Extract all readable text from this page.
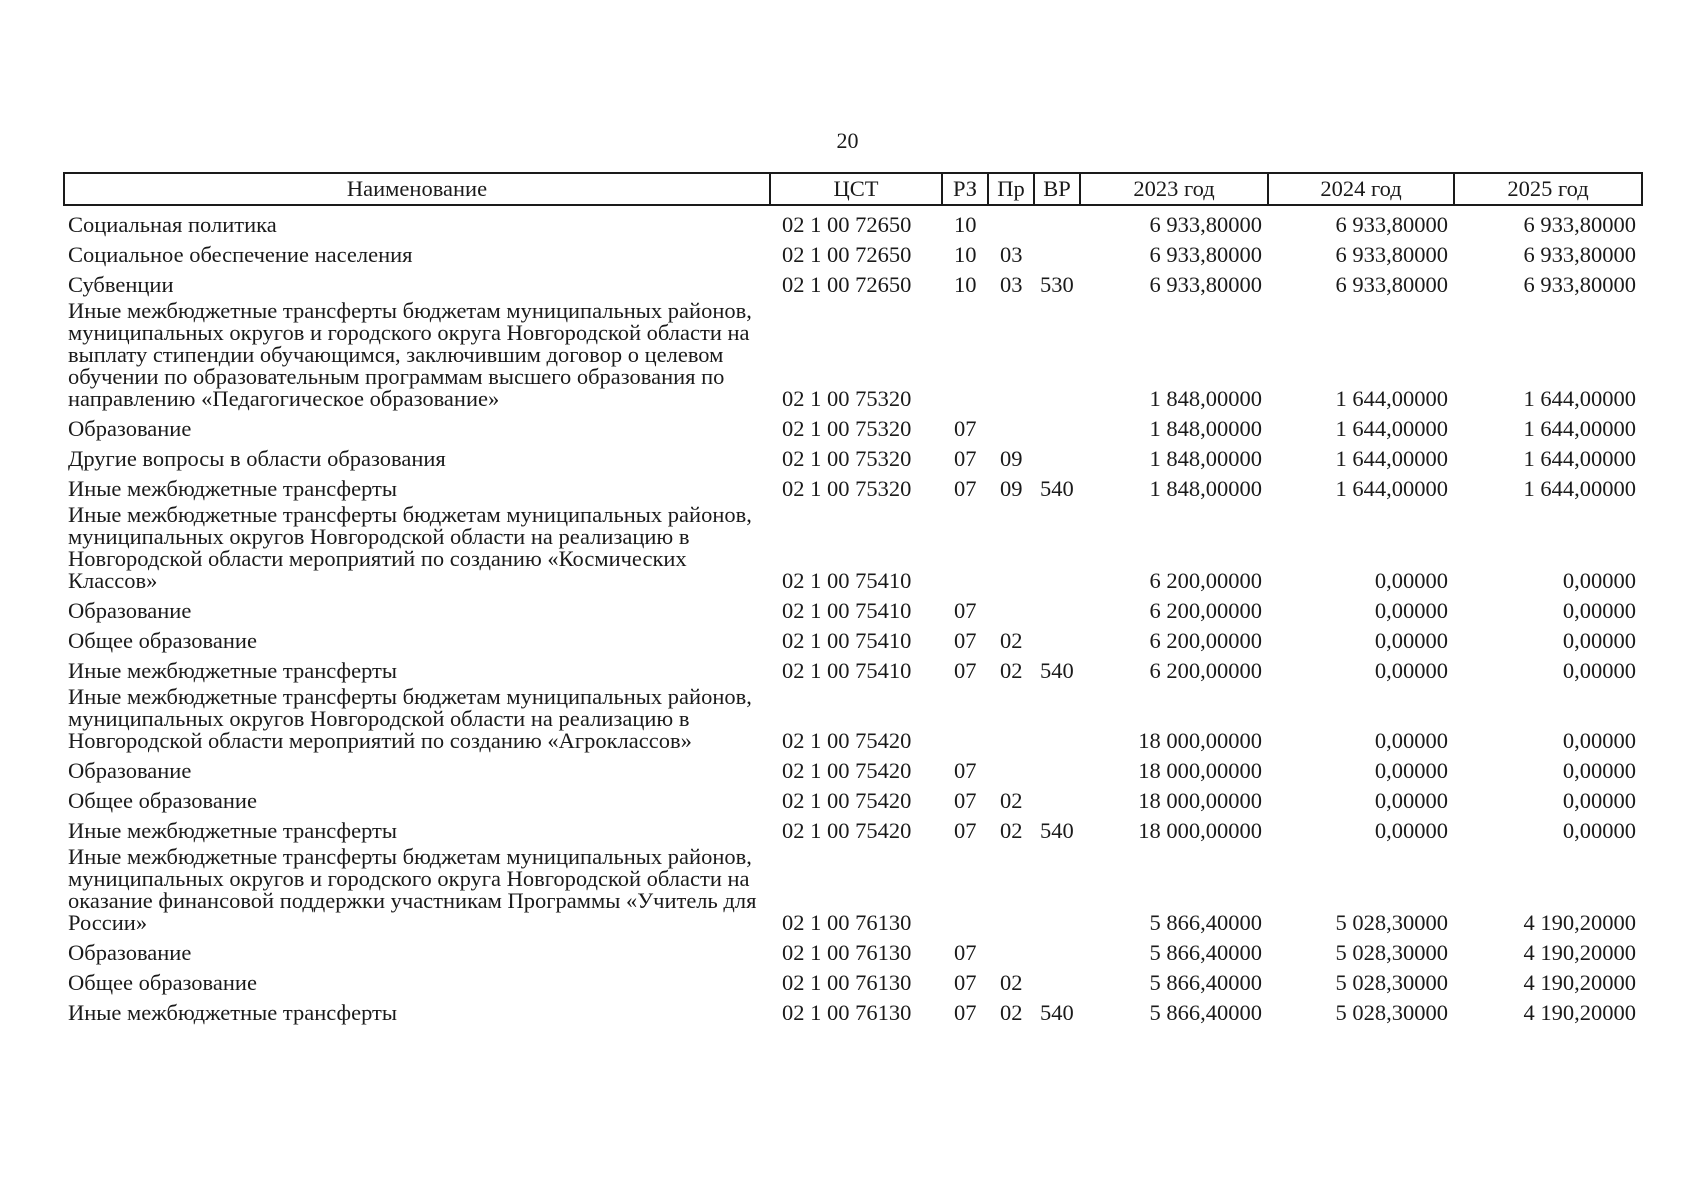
20
Наименование	ЦСТ	РЗ	Пр	ВР	2023 год	2024 год	2025 год
Социальная политика	02 1 00 72650	10			6 933,80000	6 933,80000	6 933,80000
Социальное обеспечение населения	02 1 00 72650	10	03		6 933,80000	6 933,80000	6 933,80000
Субвенции	02 1 00 72650	10	03	530	6 933,80000	6 933,80000	6 933,80000
Иные межбюджетные трансферты бюджетам муниципальных районов, муниципальных округов и городского округа Новгородской области на выплату стипендии обучающимся, заключившим договор о целевом обучении по образовательным программам высшего образования по направлению «Педагогическое образование»	02 1 00 75320				1 848,00000	1 644,00000	1 644,00000
Образование	02 1 00 75320	07			1 848,00000	1 644,00000	1 644,00000
Другие вопросы в области образования	02 1 00 75320	07	09		1 848,00000	1 644,00000	1 644,00000
Иные межбюджетные трансферты	02 1 00 75320	07	09	540	1 848,00000	1 644,00000	1 644,00000
Иные межбюджетные трансферты бюджетам муниципальных районов, муниципальных округов Новгородской области на реализацию в Новгородской области мероприятий по созданию «Космических Классов»	02 1 00 75410				6 200,00000	0,00000	0,00000
Образование	02 1 00 75410	07			6 200,00000	0,00000	0,00000
Общее образование	02 1 00 75410	07	02		6 200,00000	0,00000	0,00000
Иные межбюджетные трансферты	02 1 00 75410	07	02	540	6 200,00000	0,00000	0,00000
Иные межбюджетные трансферты бюджетам муниципальных районов, муниципальных округов Новгородской области на реализацию в Новгородской области мероприятий по созданию «Агроклассов»	02 1 00 75420				18 000,00000	0,00000	0,00000
Образование	02 1 00 75420	07			18 000,00000	0,00000	0,00000
Общее образование	02 1 00 75420	07	02		18 000,00000	0,00000	0,00000
Иные межбюджетные трансферты	02 1 00 75420	07	02	540	18 000,00000	0,00000	0,00000
Иные межбюджетные трансферты бюджетам муниципальных районов, муниципальных округов и городского округа Новгородской области на оказание финансовой поддержки участникам Программы «Учитель для России»	02 1 00 76130				5 866,40000	5 028,30000	4 190,20000
Образование	02 1 00 76130	07			5 866,40000	5 028,30000	4 190,20000
Общее образование	02 1 00 76130	07	02		5 866,40000	5 028,30000	4 190,20000
Иные межбюджетные трансферты	02 1 00 76130	07	02	540	5 866,40000	5 028,30000	4 190,20000
